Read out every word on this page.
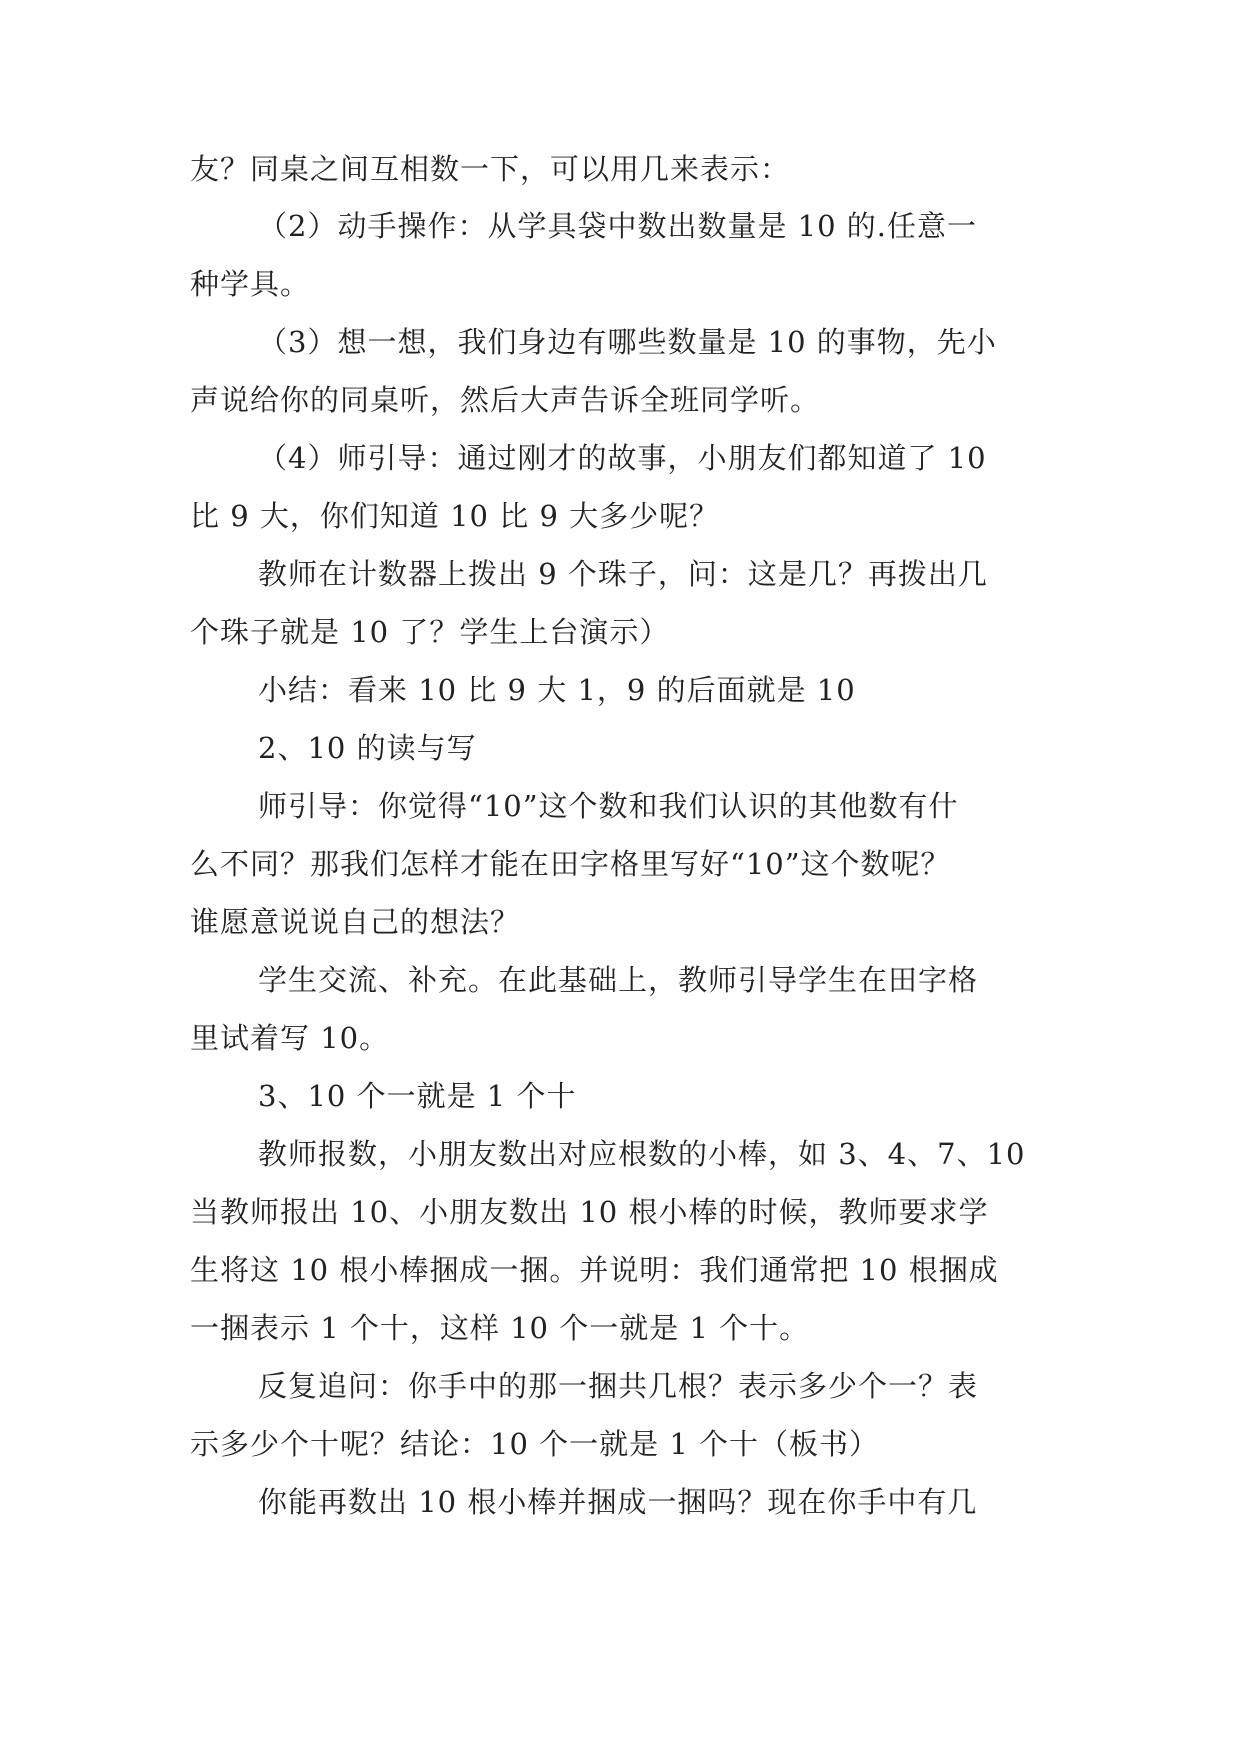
友？同桌之间互相数一下，可以用几来表示：
（2）动手操作：从学具袋中数出数量是 10 的.任意一
种学具。
（3）想一想，我们身边有哪些数量是 10 的事物，先小
声说给你的同桌听，然后大声告诉全班同学听。
（4）师引导：通过刚才的故事，小朋友们都知道了 10
比 9 大，你们知道 10 比 9 大多少呢？
教师在计数器上拨出 9 个珠子，问：这是几？再拨出几
个珠子就是 10 了？学生上台演示）
小结：看来 10 比 9 大 1，9 的后面就是 10
2、10 的读与写
师引导：你觉得“10”这个数和我们认识的其他数有什
么不同？那我们怎样才能在田字格里写好“10”这个数呢？
谁愿意说说自己的想法？
学生交流、补充。在此基础上，教师引导学生在田字格
里试着写 10。
3、10 个一就是 1 个十
教师报数，小朋友数出对应根数的小棒，如 3、4、7、10
当教师报出 10、小朋友数出 10 根小棒的时候，教师要求学
生将这 10 根小棒捆成一捆。并说明：我们通常把 10 根捆成
一捆表示 1 个十，这样 10 个一就是 1 个十。
反复追问：你手中的那一捆共几根？表示多少个一？表
示多少个十呢？结论：10 个一就是 1 个十（板书）
你能再数出 10 根小棒并捆成一捆吗？现在你手中有几
